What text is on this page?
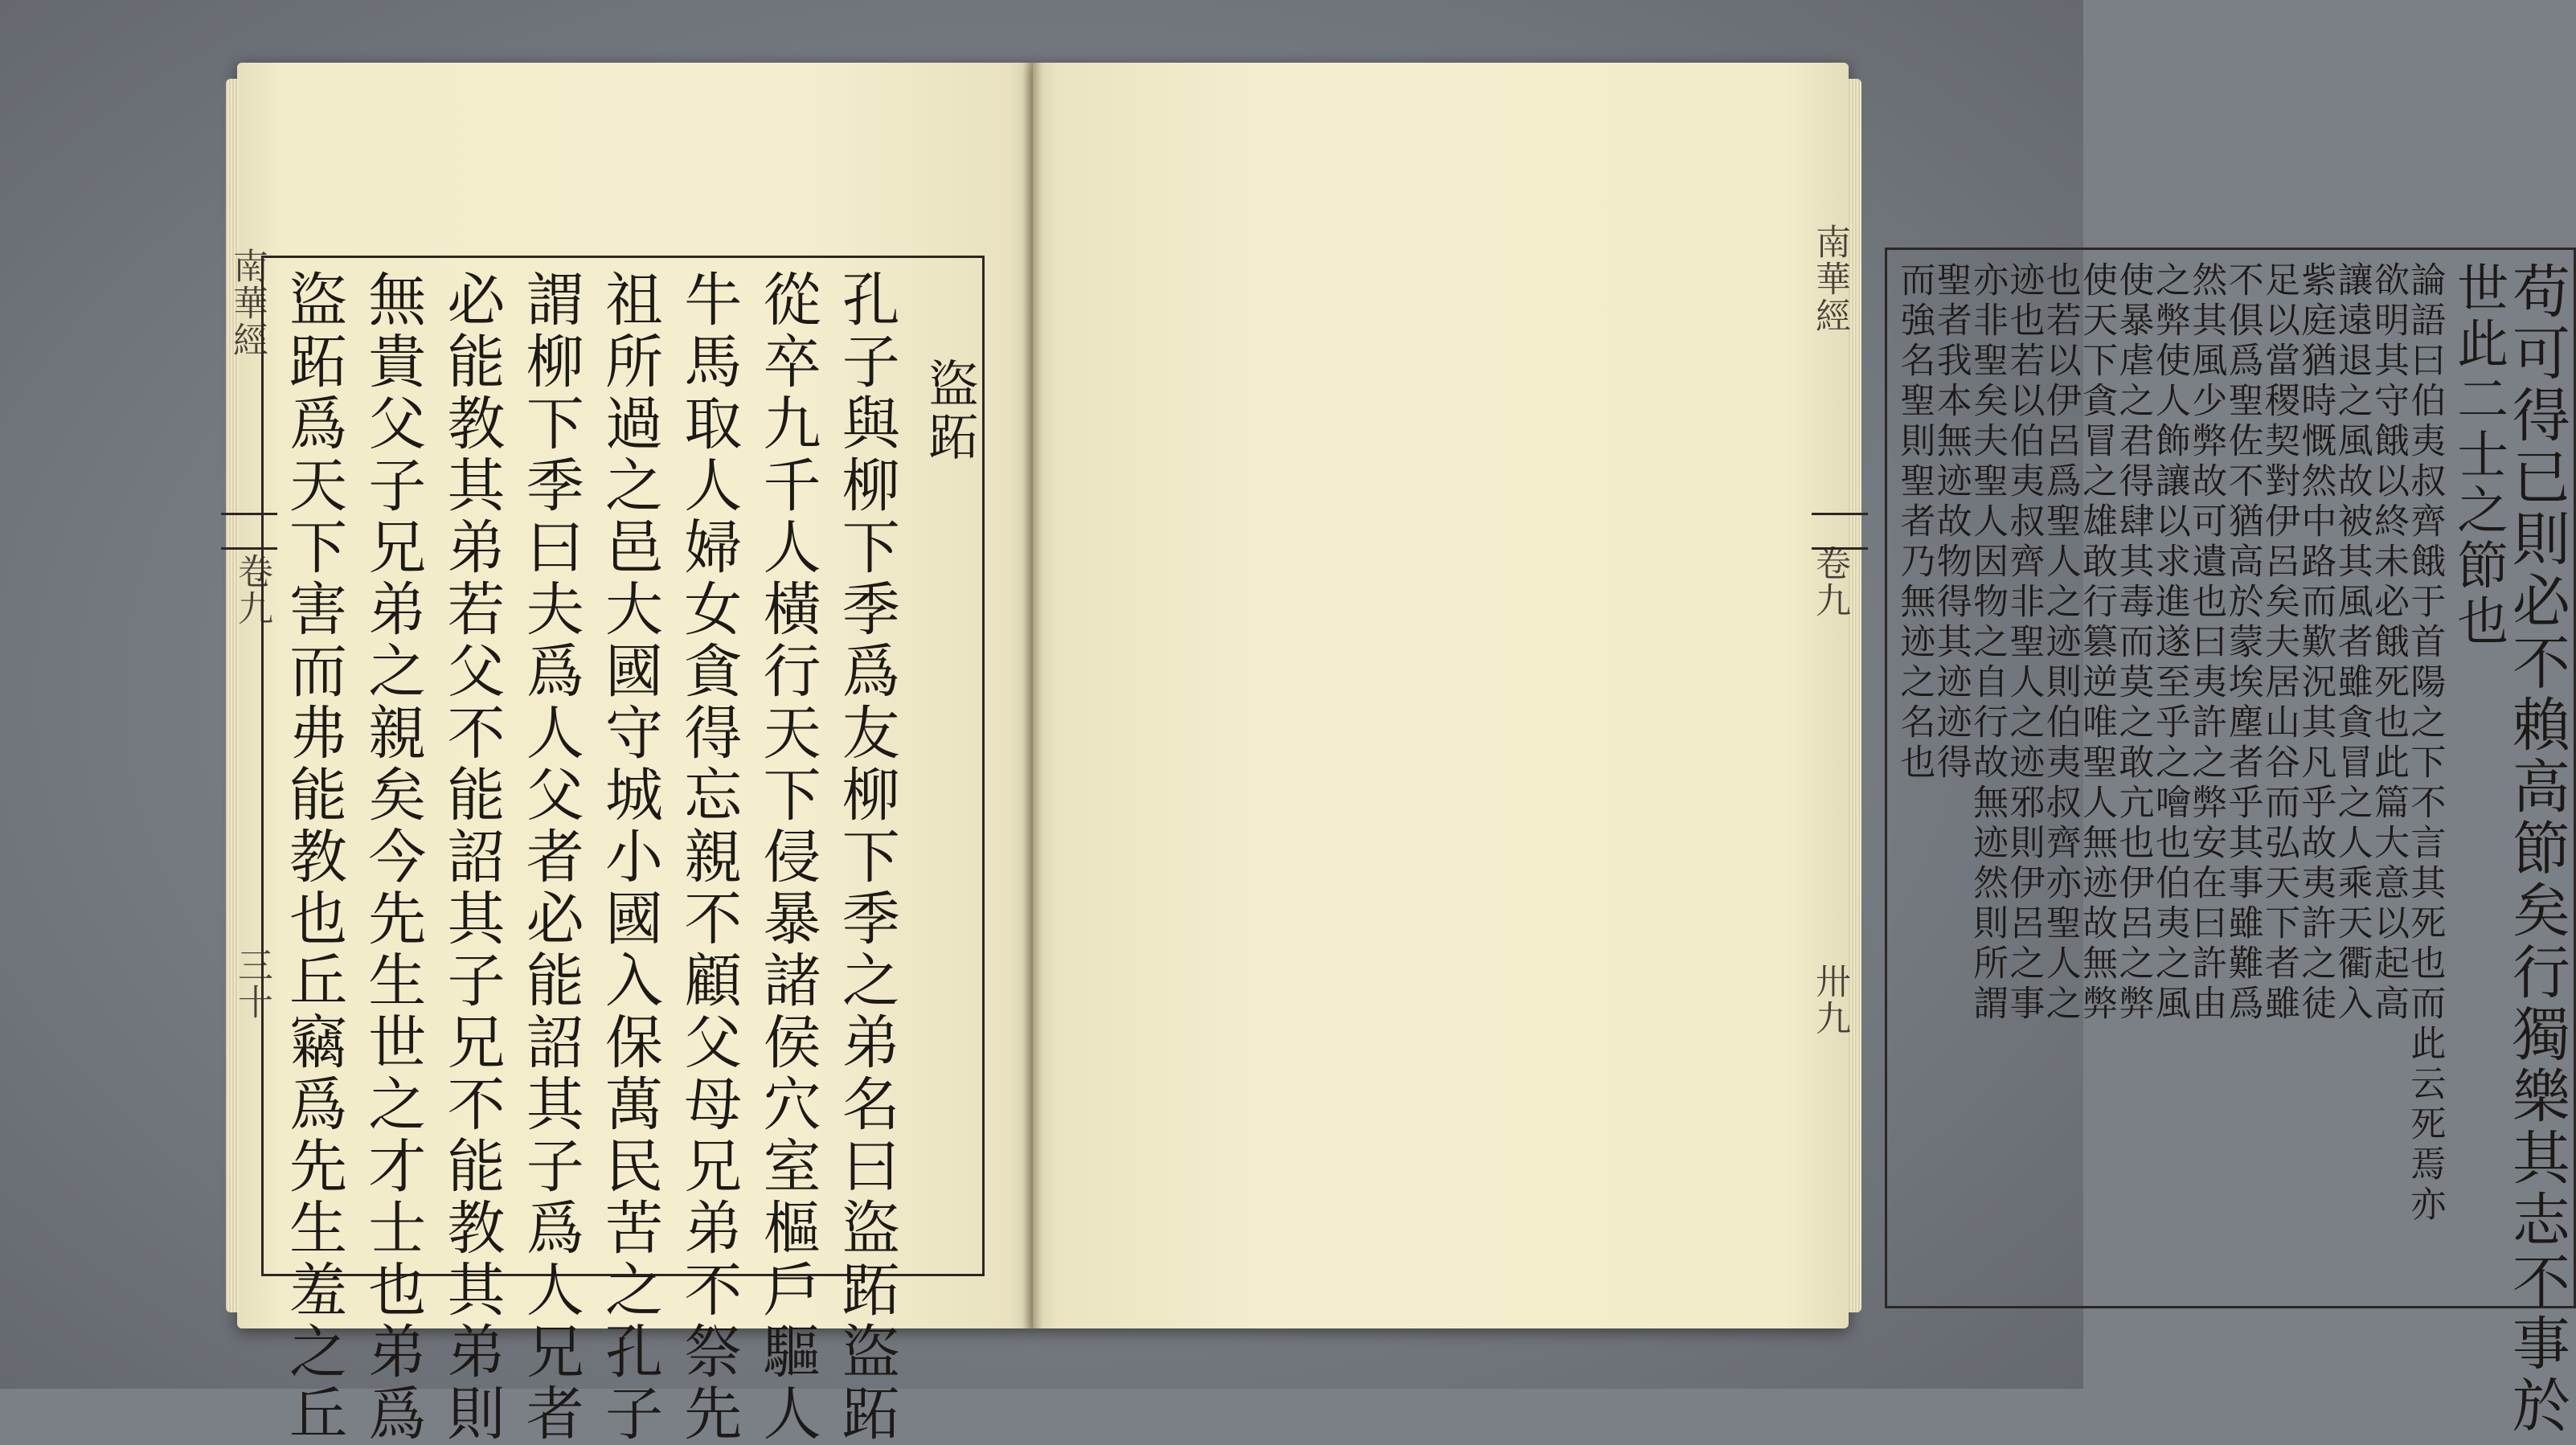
南華經
卷九
三十
盜跖
孔子與柳下季爲友柳下季之弟名曰盜跖盜跖
從卒九千人橫行天下侵暴諸侯穴室樞戶驅人
牛馬取人婦女貪得忘親不顧父母兄弟不祭先
祖所過之邑大國守城小國入保萬民苦之孔子
謂柳下季曰夫爲人父者必能詔其子爲人兄者
必能教其弟若父不能詔其子兄不能教其弟則
無貴父子兄弟之親矣今先生世之才士也弟爲
盜跖爲天下害而弗能教也丘竊爲先生羞之丘	南華經
卷九
卅九	苟可得已則必不賴高節矣行獨樂其志不事於
世此二士之節也
論語曰伯夷叔齊餓于首陽之下不言其死也而此云死焉亦
欲明其守餓以終未必餓死也此篇大意以起高
讓遠退之風故被其風者雖貪冒之人乘天衢入
紫庭猶時慨然中路而歎況其凡乎故夷許之徒
足以當稷契對伊呂矣夫居山谷而弘天下者雖
不俱爲聖佐不猶高於蒙埃塵者乎其事雖難爲
然其風少弊故可遺也曰夷許之弊安在曰許由
之弊使人飾讓以求進遂至乎之噲也伯夷之風
使暴虐之君得肆其毒而莫之敢亢也伊呂之弊
使天下貪冒之雄敢行篡逆唯聖人無迹故無弊
也若以伊呂爲聖人之迹則伯夷叔齊亦聖人之
迹也若以伯夷叔齊非聖人之迹邪則伊呂之事
亦非聖矣夫聖人因物之自行故無迹然則所謂
聖者我本無迹故物得其迹迹得
而強名聖則聖者乃無迹之名也
